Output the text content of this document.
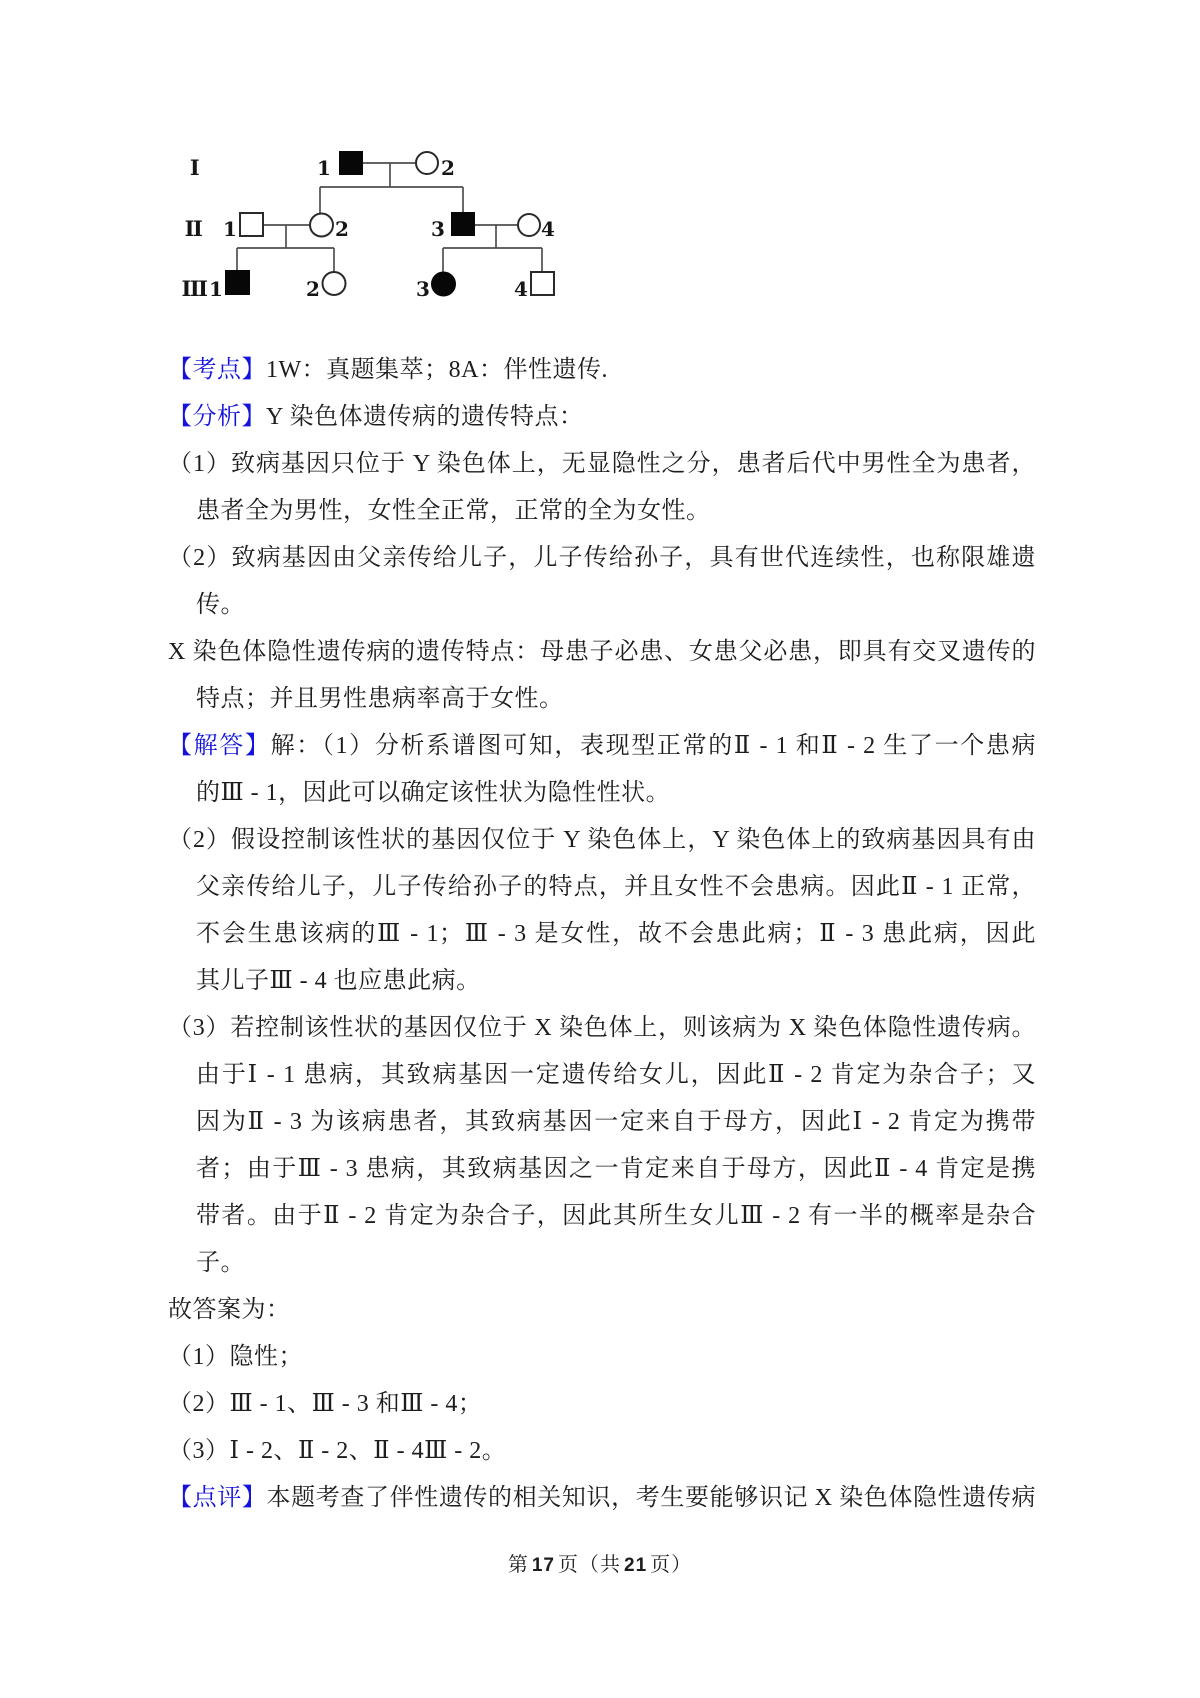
I	1	2
II 1	2	3	4
III 1	2	3	4
【考点】1W：真题集萃；8A：伴性遗传.
【分析】Y 染色体遗传病的遗传特点：
（1）致病基因只位于 Y 染色体上，无显隐性之分，患者后代中男性全为患者，
患者全为男性，女性全正常，正常的全为女性。
（2）致病基因由父亲传给儿子，儿子传给孙子，具有世代连续性，也称限雄遗
传。
X 染色体隐性遗传病的遗传特点：母患子必患、女患父必患，即具有交叉遗传的
特点；并且男性患病率高于女性。
【解答】解：（1）分析系谱图可知，表现型正常的Ⅱ - 1 和Ⅱ - 2 生了一个患病
的Ⅲ - 1，因此可以确定该性状为隐性性状。
（2）假设控制该性状的基因仅位于 Y 染色体上，Y 染色体上的致病基因具有由
父亲传给儿子，儿子传给孙子的特点，并且女性不会患病。因此Ⅱ - 1 正常，
不会生患该病的Ⅲ - 1；Ⅲ - 3 是女性，故不会患此病；Ⅱ - 3 患此病，因此
其儿子Ⅲ - 4 也应患此病。
（3）若控制该性状的基因仅位于 X 染色体上，则该病为 X 染色体隐性遗传病。
由于Ⅰ - 1 患病，其致病基因一定遗传给女儿，因此Ⅱ - 2 肯定为杂合子；又
因为Ⅱ - 3 为该病患者，其致病基因一定来自于母方，因此Ⅰ - 2 肯定为携带
者；由于Ⅲ - 3 患病，其致病基因之一肯定来自于母方，因此Ⅱ - 4 肯定是携
带者。由于Ⅱ - 2 肯定为杂合子，因此其所生女儿Ⅲ - 2 有一半的概率是杂合
子。
故答案为：
（1）隐性；
（2）Ⅲ - 1、Ⅲ - 3 和Ⅲ - 4；
（3）Ⅰ - 2、Ⅱ - 2、Ⅱ - 4Ⅲ - 2。
【点评】本题考查了伴性遗传的相关知识，考生要能够识记 X 染色体隐性遗传病
第 17 页（共 21 页）
